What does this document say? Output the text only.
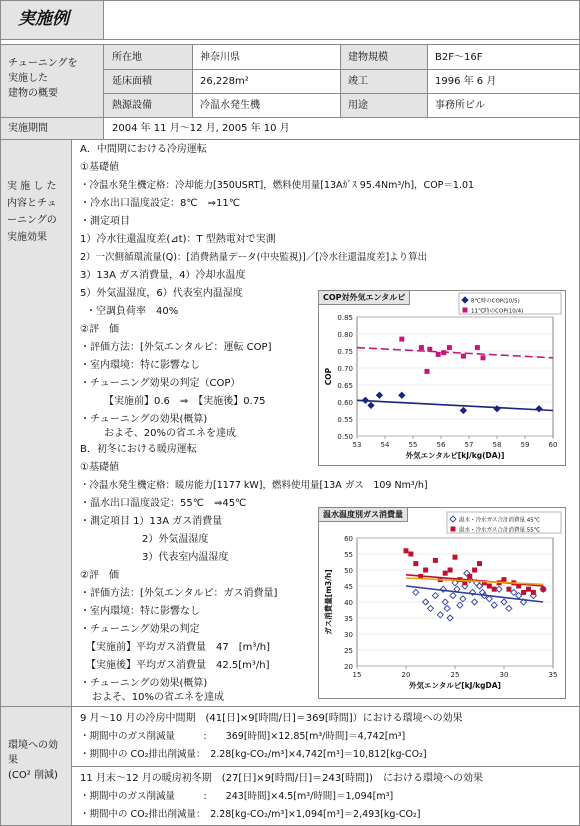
実施例
チューニングを
実施した
建物の概要
所在地	神奈川県	建物規模	B2F～16F
延床面積	26,228m²	竣工	1996 年 6 月
熱源設備	冷温水発生機	用途	事務所ビル
実施期間	2004 年 11 月～12 月, 2005 年 10 月
実 施 し た
内容とチュ
ーニングの
実施効果
A．中間期における冷房運転
①基礎値
・冷温水発生機定格：冷却能力[350USRT]，燃料使用量[13Aｶﾞｽ 95.4Nm³/h]，COP＝1.01
・冷水出口温度設定：8℃　⇒11℃
・測定項目
1）冷水往還温度差(⊿t)：T 型熱電対で実測
2）一次側循環流量(Q)：[消費熱量データ(中央監視)]／[冷水往還温度差]より算出
3）13A ガス消費量，4）冷却水温度
5）外気温湿度，6）代表室内温湿度
・空調負荷率　40%
②評　価
・評価方法：[外気エンタルピ：運転 COP]
・室内環境：特に影響なし
・チューニング効果の判定（COP）
【実施前】0.6　⇒　【実施後】0.75
・チューニングの効果(概算)
およそ、20%の省エネを達成
B．初冬における暖房運転
①基礎値
・冷温水発生機定格：暖房能力[1177 kW]，燃料使用量[13A ガス　109 Nm³/h]
・温水出口温度設定：55℃　⇒45℃
・測定項目 1）13A ガス消費量
2）外気温湿度
3）代表室内温湿度
②評　価
・評価方法：[外気エンタルピ：ガス消費量]
・室内環境：特に影響なし
・チューニング効果の判定
【実施前】平均ガス消費量　47　[m³/h]
【実施後】平均ガス消費量　42.5[m³/h]
・チューニングの効果(概算)
およそ、10%の省エネを達成
COP対外気エンタルピ
0.50
0.55
0.60
0.65
0.70
0.75
0.80
0.85
53	54	55	56	57	58	59	60
外気エンタルピ[kJ/kg(DA)]
COP
8℃時のCOP(10/5)
11℃時のCOP(10/4)
温水温度別ガス消費量
20
25
30
35
40
45
50
55
60
15	20	25	30	35
外気エンタルピ[kJ/kgDA]
ガス消費量[m3/h]
温水・冷水ガス合計消費量 45℃
温水・冷水ガス合計消費量 55℃
環境への効
果
(CO² 削減)
9 月～10 月の冷房中間期　(41[日]×9[時間/日]＝369[時間]）における環境への効果
・期間中のガス削減量　　　:　　369[時間]×12.85[m³/時間]＝4,742[m³]
・期間中の CO₂排出削減量：　2.28[kg-CO₂/m³]×4,742[m³]＝10,812[kg-CO₂]
11 月末～12 月の暖房初冬期　(27[日]×9[時間/日]＝243[時間])　における環境への効果
・期間中のガス削減量　　　:　　243[時間]×4.5[m³/時間]＝1,094[m³]
・期間中の CO₂排出削減量：　2.28[kg-CO₂/m³]×1,094[m³]＝2,493[kg-CO₂]
